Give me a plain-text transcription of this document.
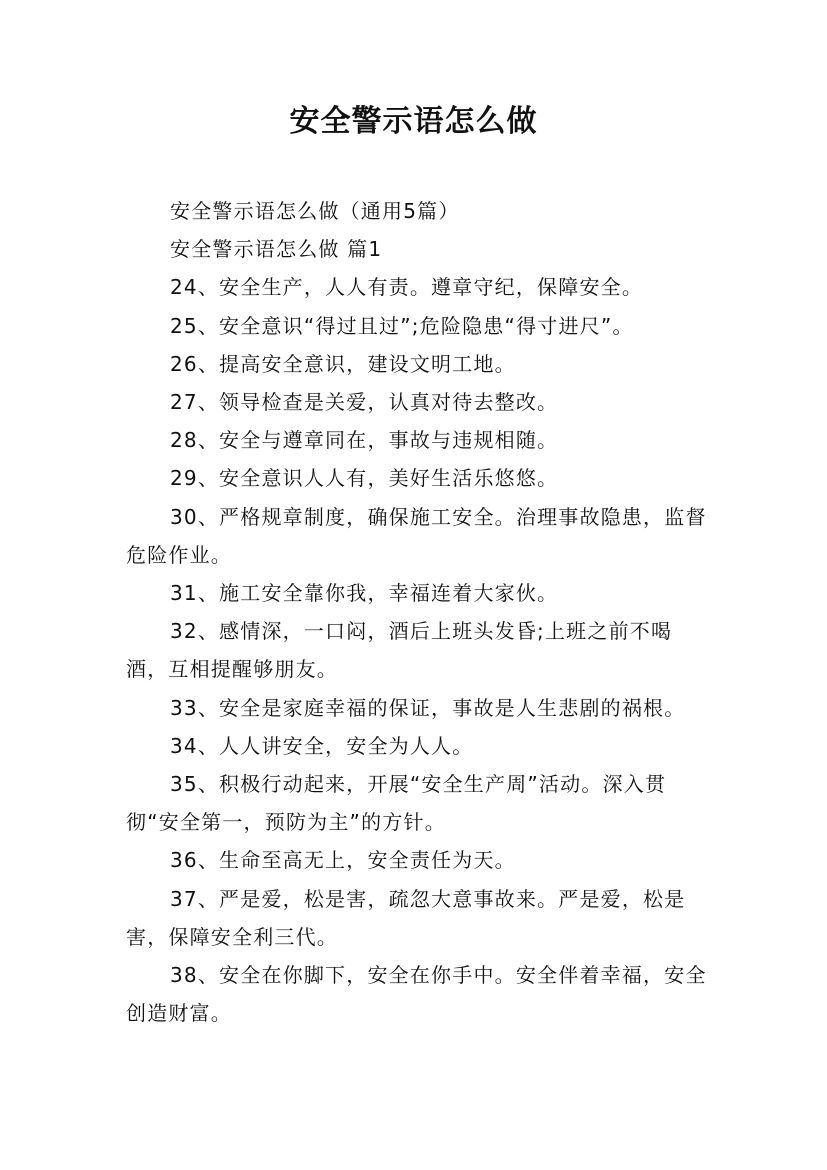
安全警示语怎么做

安全警示语怎么做（通用5篇）

安全警示语怎么做 篇1

24、安全生产，人人有责。遵章守纪，保障安全。

25、安全意识“得过且过”;危险隐患“得寸进尺”。

26、提高安全意识，建设文明工地。

27、领导检查是关爱，认真对待去整改。

28、安全与遵章同在，事故与违规相随。

29、安全意识人人有，美好生活乐悠悠。

30、严格规章制度，确保施工安全。治理事故隐患，监督危险作业。

31、施工安全靠你我，幸福连着大家伙。

32、感情深，一口闷，酒后上班头发昏;上班之前不喝酒，互相提醒够朋友。

33、安全是家庭幸福的保证，事故是人生悲剧的祸根。

34、人人讲安全，安全为人人。

35、积极行动起来，开展“安全生产周”活动。深入贯彻“安全第一，预防为主”的方针。

36、生命至高无上，安全责任为天。

37、严是爱，松是害，疏忽大意事故来。严是爱，松是害，保障安全利三代。

38、安全在你脚下，安全在你手中。安全伴着幸福，安全创造财富。
